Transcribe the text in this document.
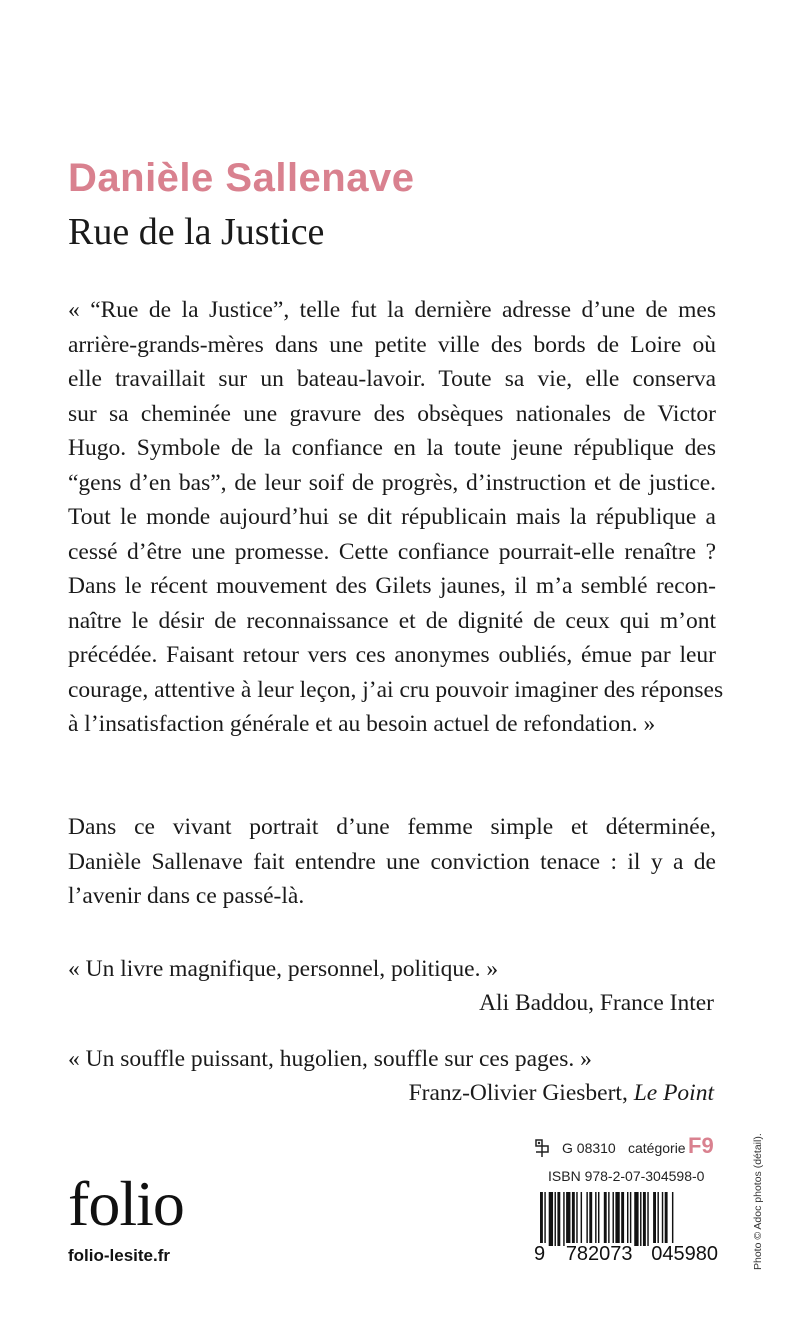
Danièle Sallenave
Rue de la Justice
« “Rue de la Justice”, telle fut la dernière adresse d’une de mes
arrière-grands-mères dans une petite ville des bords de Loire où
elle travaillait sur un bateau-lavoir. Toute sa vie, elle conserva
sur sa cheminée une gravure des obsèques nationales de Victor
Hugo. Symbole de la confiance en la toute jeune république des
“gens d’en bas”, de leur soif de progrès, d’instruction et de justice.
Tout le monde aujourd’hui se dit républicain mais la république a
cessé d’être une promesse. Cette confiance pourrait-elle renaître ?
Dans le récent mouvement des Gilets jaunes, il m’a semblé recon-
naître le désir de reconnaissance et de dignité de ceux qui m’ont
précédée. Faisant retour vers ces anonymes oubliés, émue par leur
courage, attentive à leur leçon, j’ai cru pouvoir imaginer des réponses
à l’insatisfaction générale et au besoin actuel de refondation. »
Dans ce vivant portrait d’une femme simple et déterminée,
Danièle Sallenave fait entendre une conviction tenace : il y a de
l’avenir dans ce passé-là.
« Un livre magnifique, personnel, politique. »
Ali Baddou, France Inter
« Un souffle puissant, hugolien, souffle sur ces pages. »
Franz-Olivier Giesbert, Le Point
Photo © Adoc photos (détail).
G 08310 catégorie F9
ISBN 978-2-07-304598-0
9 782073 045980
folio
folio-lesite.fr
